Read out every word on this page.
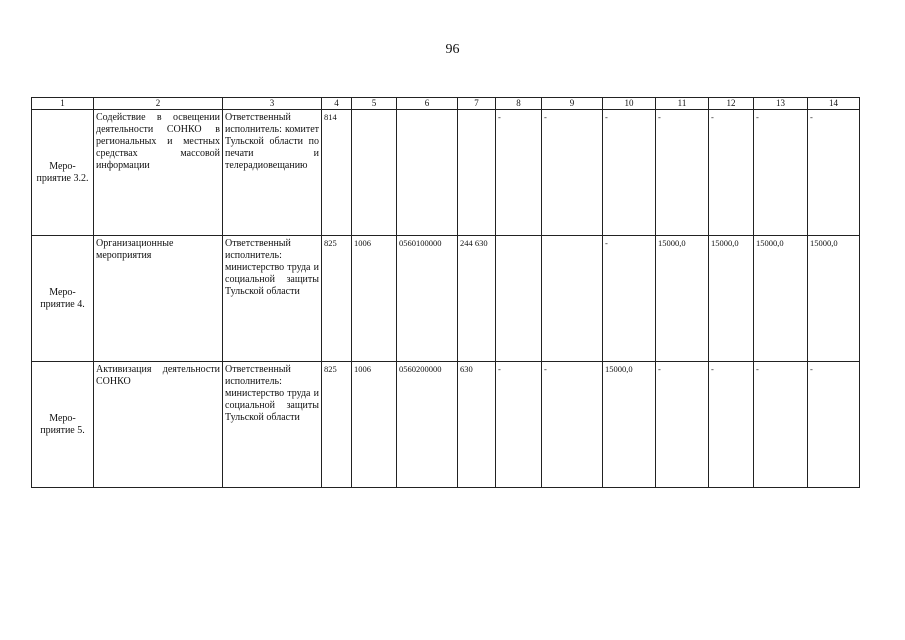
96
1	2	3	4	5	6	7	8	9	10	11	12	13	14
Меро-приятие 3.2.	Содействие в освещении деятельности СОНКО в региональных и местных средствах массовой информации	Ответственный исполнитель: комитет Тульской области по печати и телерадиовещанию	814				-	-	-	-	-	-	-
Меро-приятие 4.	Организационные мероприятия	Ответственный исполнитель: министерство труда и социальной защиты Тульской области	825	1006	0560100000	244 630			-	15000,0	15000,0	15000,0	15000,0
Меро-приятие 5.	Активизация деятельности СОНКО	Ответственный исполнитель: министерство труда и социальной защиты Тульской области	825	1006	0560200000	630	-	-	15000,0	-	-	-	-
